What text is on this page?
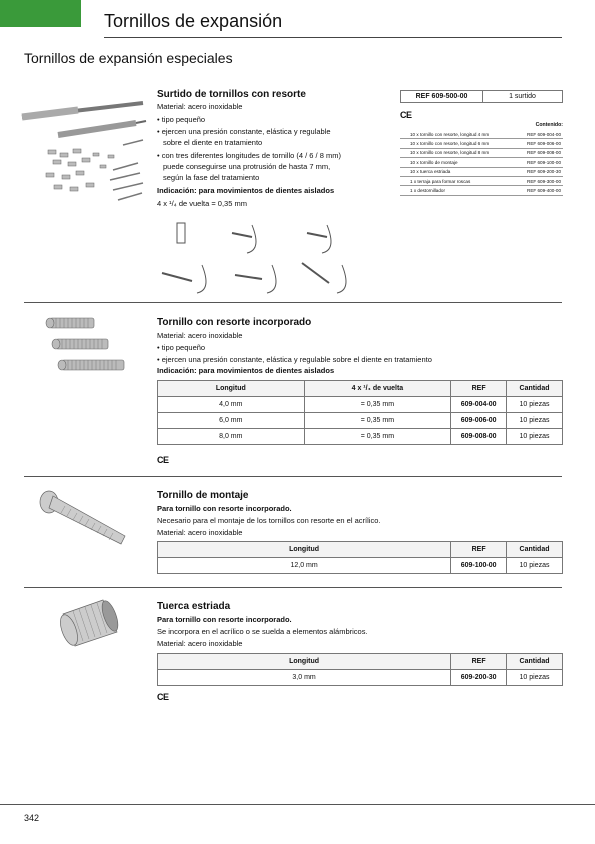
Tornillos de expansión
Tornillos de expansión especiales
Surtido de tornillos con resorte
Material: acero inoxidable
• tipo pequeño
• ejercen una presión constante, elástica y regulable
sobre el diente en tratamiento
• con tres diferentes longitudes de tornillo (4 / 6 / 8 mm)
puede conseguirse una protrusión de hasta 7 mm,
según la fase del tratamiento
Indicación: para movimientos de dientes aislados
4 x ¹/₄ de vuelta = 0,35 mm
REF 609-500-00	1 surtido
CE
Contenido:
10 x tornillo con resorte, longitud 4 mm	REF 609-004-00
10 x tornillo con resorte, longitud 6 mm	REF 609-006-00
10 x tornillo con resorte, longitud 8 mm	REF 609-008-00
10 x tornillo de montaje	REF 609-100-00
10 x tuerca estriada	REF 609-200-30
1 x terraja para formar roscas	REF 609-300-00
1 x destornillador	REF 609-400-00
Tornillo con resorte incorporado
Material: acero inoxidable
• tipo pequeño
• ejercen una presión constante, elástica y regulable sobre el diente en tratamiento
Indicación: para movimientos de dientes aislados
Longitud	4 x ¹/₄ de vuelta	REF	Cantidad
4,0 mm	= 0,35 mm	609-004-00	10 piezas
6,0 mm	= 0,35 mm	609-006-00	10 piezas
8,0 mm	= 0,35 mm	609-008-00	10 piezas
CE
Tornillo de montaje
Para tornillo con resorte incorporado.
Necesario para el montaje de los tornillos con resorte en el acrílico.
Material: acero inoxidable
Longitud	REF	Cantidad
12,0 mm	609-100-00	10 piezas
Tuerca estriada
Para tornillo con resorte incorporado.
Se incorpora en el acrílico o se suelda a elementos alámbricos.
Material: acero inoxidable
Longitud	REF	Cantidad
3,0 mm	609-200-30	10 piezas
CE
342
